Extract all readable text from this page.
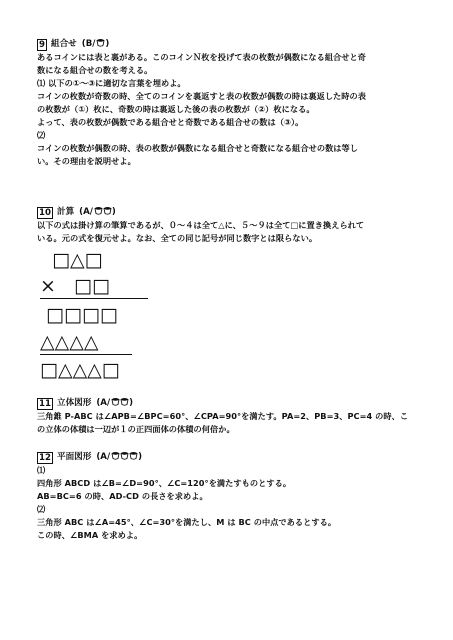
9 組合せ (B/ )
あるコインには表と裏がある。このコインＮ枚を投げて表の枚数が偶数になる組合せと奇
数になる組合せの数を考える。
⑴ 以下の①～③に適切な言葉を埋めよ。
コインの枚数が奇数の時、全てのコインを裏返すと表の枚数が偶数の時は裏返した時の表
の枚数が（①）枚に、奇数の時は裏返した後の表の枚数が（②）枚になる。
よって、表の枚数が偶数である組合せと奇数である組合せの数は（③）。
⑵
コインの枚数が偶数の時、表の枚数が偶数になる組合せと奇数になる組合せの数は等し
い。その理由を説明せよ。
10 計算 (A/ )
以下の式は掛け算の筆算であるが、０～４は全て△に、５～９は全て□に置き換えられて
いる。元の式を復元せよ。なお、全ての同じ記号が同じ数字とは限らない。
□△□
×   □□
□□□□
△△△△
□△△△□
11 立体図形 (A/ )
三角錐 P-ABC は∠APB=∠BPC=60°、∠CPA=90°を満たす。PA=2、PB=3、PC=4 の時、こ
の立体の体積は一辺が１の正四面体の体積の何倍か。
12 平面図形 (A/	)
⑴
四角形 ABCD は∠B=∠D=90°、∠C=120°を満たすものとする。
AB=BC=6 の時、AD-CD の長さを求めよ。
⑵
三角形 ABC は∠A=45°、∠C=30°を満たし、M は BC の中点であるとする。
この時、∠BMA を求めよ。
